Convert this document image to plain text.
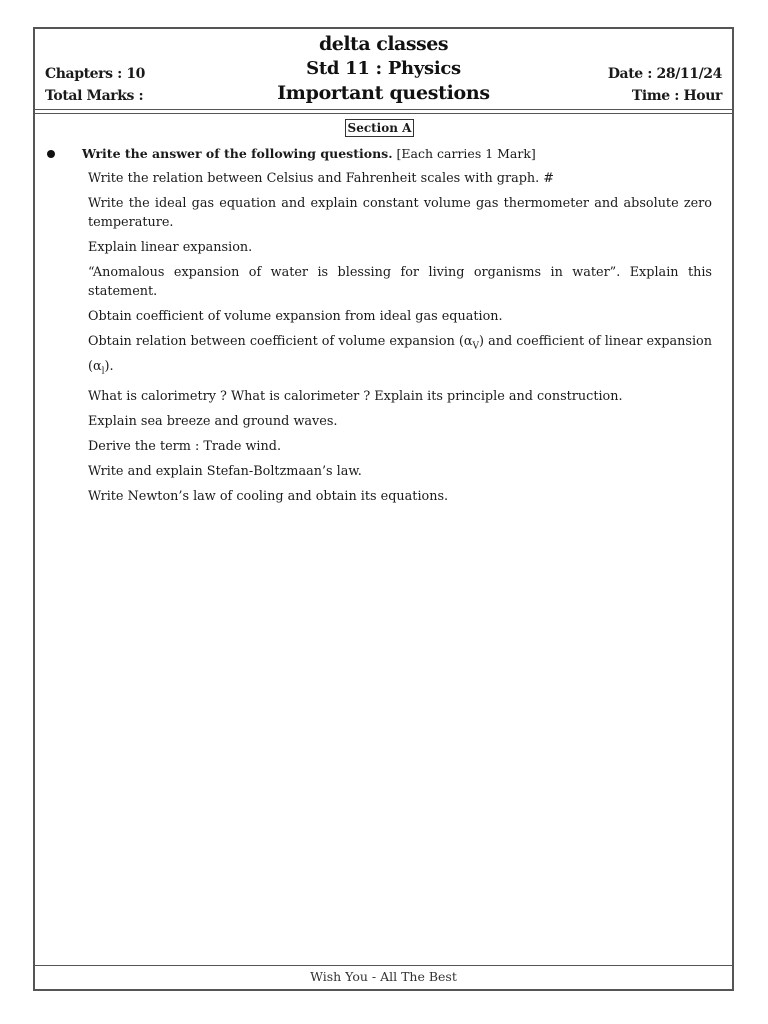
delta classes
Std 11 : Physics
Important questions
Chapters : 10
Total Marks :
Date : 28/11/24
Time : Hour
Section A
Write the answer of the following questions. [Each carries 1 Mark]
Write the relation between Celsius and Fahrenheit scales with graph. #
Write the ideal gas equation and explain constant volume gas thermometer and absolute zero temperature.
Explain linear expansion.
“Anomalous expansion of water is blessing for living organisms in water”. Explain this statement.
Obtain coefficient of volume expansion from ideal gas equation.
Obtain relation between coefficient of volume expansion $(\alpha_V)$ and coefficient of linear expansion $(\alpha_l)$.
What is calorimetry ? What is calorimeter ? Explain its principle and construction.
Explain sea breeze and ground waves.
Derive the term : Trade wind.
Write and explain Stefan-Boltzmaan’s law.
Write Newton’s law of cooling and obtain its equations.
Wish You - All The Best
